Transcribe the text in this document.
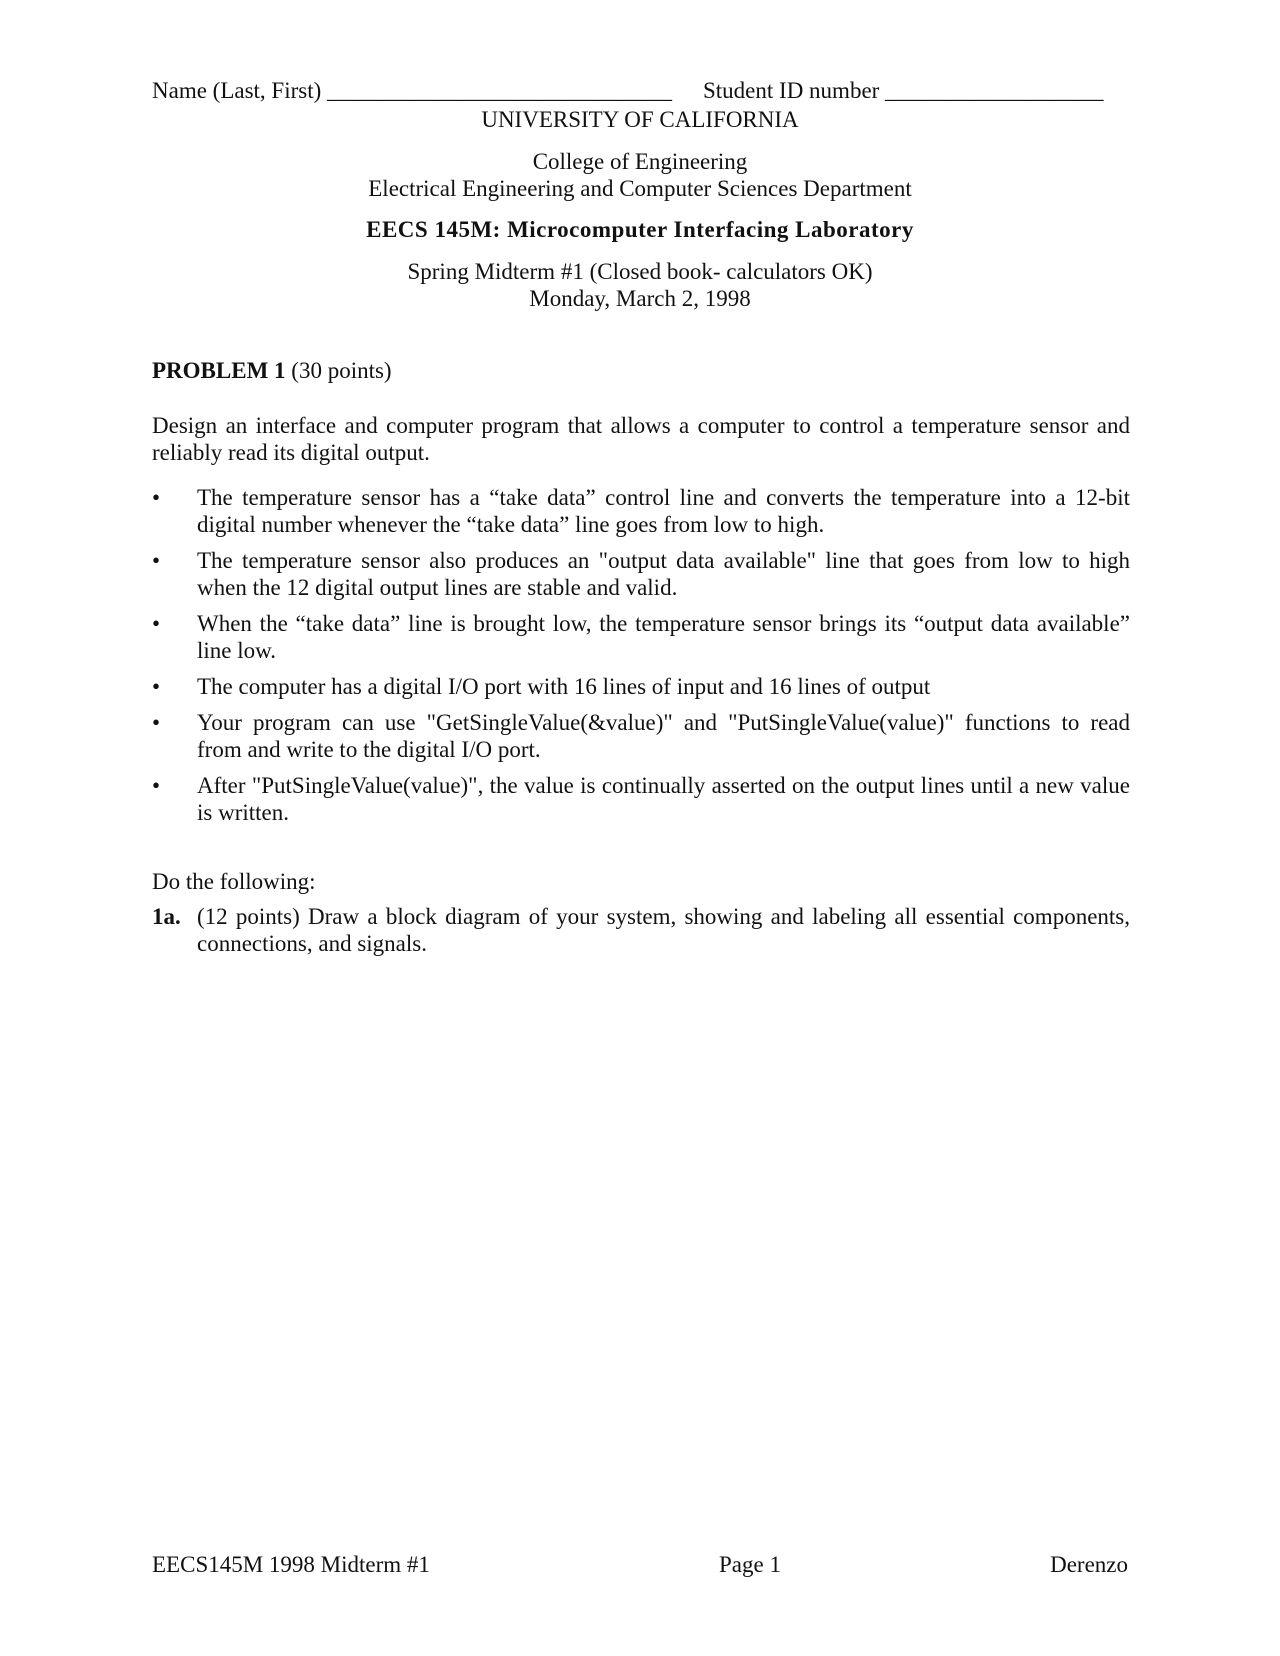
Name (Last, First) ______________________________ Student ID number ___________________
UNIVERSITY OF CALIFORNIA
College of Engineering
Electrical Engineering and Computer Sciences Department
EECS 145M: Microcomputer Interfacing Laboratory
Spring Midterm #1 (Closed book- calculators OK)
Monday, March 2, 1998
PROBLEM 1 (30 points)
Design an interface and computer program that allows a computer to control a temperature sensor and reliably read its digital output.
• The temperature sensor has a “take data” control line and converts the temperature into a 12-bit digital number whenever the “take data” line goes from low to high.
• The temperature sensor also produces an "output data available" line that goes from low to high when the 12 digital output lines are stable and valid.
• When the “take data” line is brought low, the temperature sensor brings its “output data available” line low.
• The computer has a digital I/O port with 16 lines of input and 16 lines of output
• Your program can use "GetSingleValue(&value)" and "PutSingleValue(value)" functions to read from and write to the digital I/O port.
• After "PutSingleValue(value)", the value is continually asserted on the output lines until a new value is written.
Do the following:
1a. (12 points) Draw a block diagram of your system, showing and labeling all essential components, connections, and signals.
EECS145M 1998 Midterm #1	Page 1	Derenzo
